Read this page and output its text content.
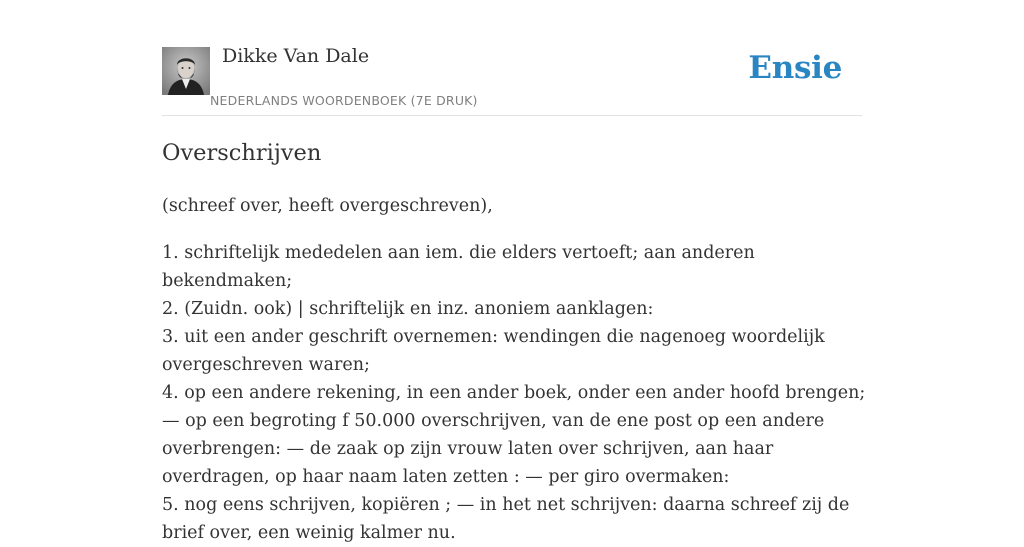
Dikke Van Dale
NEDERLANDS WOORDENBOEK (7E DRUK)
Ensie
Overschrijven

(schreef over, heeft overgeschreven),

1. schriftelijk mededelen aan iem. die elders vertoeft; aan anderen bekendmaken;
2. (Zuidn. ook) | schriftelijk en inz. anoniem aanklagen:
3. uit een ander geschrift overnemen: wendingen die nagenoeg woordelijk overgeschreven waren;
4. op een andere rekening, in een ander boek, onder een ander hoofd brengen; — op een begroting f 50.000 overschrijven, van de ene post op een andere overbrengen: — de zaak op zijn vrouw laten over schrijven, aan haar overdragen, op haar naam laten zetten : — per giro overmaken:
5. nog eens schrijven, kopiëren ; — in het net schrijven: daarna schreef zij de brief over, een weinig kalmer nu.
